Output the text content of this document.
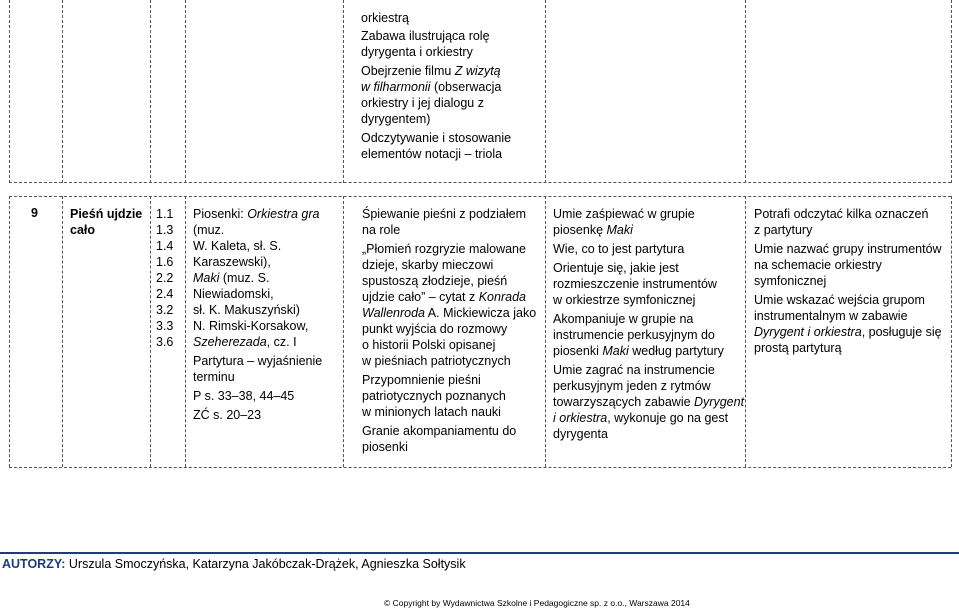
orkiestrą
Zabawa ilustrująca rolę
dyrygenta i orkiestry
Obejrzenie filmu Z wizytą
w filharmonii (obserwacja
orkiestry i jej dialogu z
dyrygentem)
Odczytywanie i stosowanie
elementów notacji – triola
9	Pieśń ujdzie
cało
1.1
1.3
1.4
1.6
2.2
2.4
3.2
3.3
3.6
Piosenki: Orkiestra gra
(muz.
W. Kaleta, sł. S.
Karaszewski),
Maki (muz. S.
Niewiadomski,
sł. K. Makuszyński)
N. Rimski-Korsakow,
Szeherezada, cz. I
Partytura – wyjaśnienie
terminu
P s. 33–38, 44–45
ZĆ s. 20–23
Śpiewanie pieśni z podziałem
na role
„Płomień rozgryzie malowane
dzieje, skarby mieczowi
spustoszą złodzieje, pieśń
ujdzie cało” – cytat z Konrada
Wallenroda A. Mickiewicza jako
punkt wyjścia do rozmowy
o historii Polski opisanej
w pieśniach patriotycznych
Przypomnienie pieśni
patriotycznych poznanych
w minionych latach nauki
Granie akompaniamentu do
piosenki
Umie zaśpiewać w grupie
piosenkę Maki
Wie, co to jest partytura
Orientuje się, jakie jest
rozmieszczenie instrumentów
w orkiestrze symfonicznej
Akompaniuje w grupie na
instrumencie perkusyjnym do
piosenki Maki według partytury
Umie zagrać na instrumencie
perkusyjnym jeden z rytmów
towarzyszących zabawie Dyrygent
i orkiestra, wykonuje go na gest
dyrygenta
Potrafi odczytać kilka oznaczeń
z partytury
Umie nazwać grupy instrumentów
na schemacie orkiestry
symfonicznej
Umie wskazać wejścia grupom
instrumentalnym w zabawie
Dyrygent i orkiestra, posługuje się
prostą partyturą
AUTORZY: Urszula Smoczyńska, Katarzyna Jakóbczak-Drążek, Agnieszka Sołtysik
© Copyright by Wydawnictwa Szkolne i Pedagogiczne sp. z o.o., Warszawa 2014
